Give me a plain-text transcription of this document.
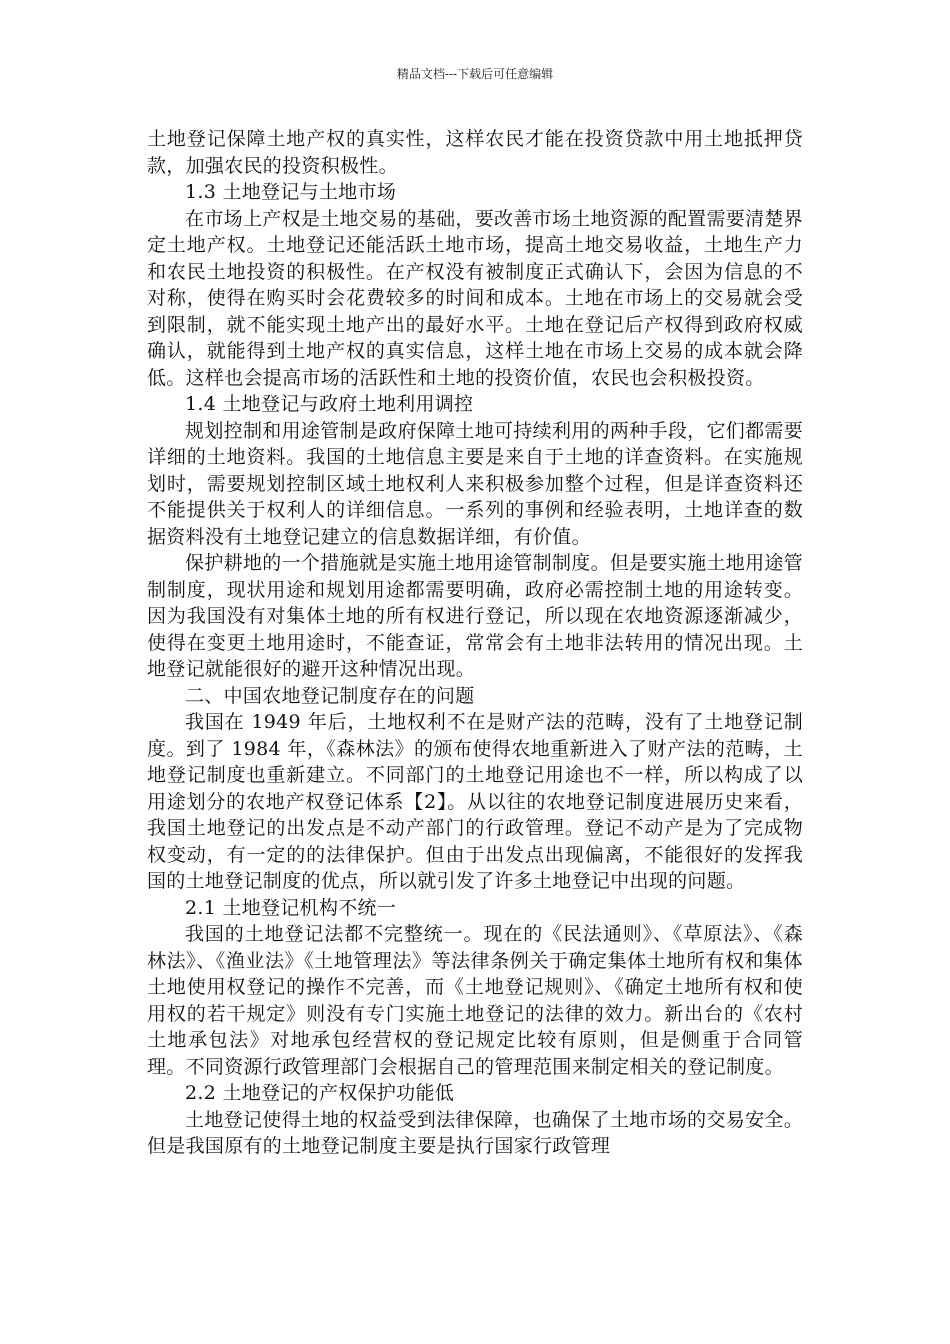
精品文档---下载后可任意编辑

土地登记保障土地产权的真实性，这样农民才能在投资贷款中用土地抵押贷款，加强农民的投资积极性。

1.3 土地登记与土地市场

在市场上产权是土地交易的基础，要改善市场土地资源的配置需要清楚界定土地产权。土地登记还能活跃土地市场，提高土地交易收益，土地生产力和农民土地投资的积极性。在产权没有被制度正式确认下，会因为信息的不对称，使得在购买时会花费较多的时间和成本。土地在市场上的交易就会受到限制，就不能实现土地产出的最好水平。土地在登记后产权得到政府权威确认，就能得到土地产权的真实信息，这样土地在市场上交易的成本就会降低。这样也会提高市场的活跃性和土地的投资价值，农民也会积极投资。

1.4 土地登记与政府土地利用调控

规划控制和用途管制是政府保障土地可持续利用的两种手段，它们都需要详细的土地资料。我国的土地信息主要是来自于土地的详查资料。在实施规划时，需要规划控制区域土地权利人来积极参加整个过程，但是详查资料还不能提供关于权利人的详细信息。一系列的事例和经验表明，土地详查的数据资料没有土地登记建立的信息数据详细，有价值。

保护耕地的一个措施就是实施土地用途管制制度。但是要实施土地用途管制制度，现状用途和规划用途都需要明确，政府必需控制土地的用途转变。因为我国没有对集体土地的所有权进行登记，所以现在农地资源逐渐减少，使得在变更土地用途时，不能查证，常常会有土地非法转用的情况出现。土地登记就能很好的避开这种情况出现。

二、中国农地登记制度存在的问题

我国在 1949 年后，土地权利不在是财产法的范畴，没有了土地登记制度。到了 1984 年，《森林法》的颁布使得农地重新进入了财产法的范畴，土地登记制度也重新建立。不同部门的土地登记用途也不一样，所以构成了以用途划分的农地产权登记体系【2】。从以往的农地登记制度进展历史来看，我国土地登记的出发点是不动产部门的行政管理。登记不动产是为了完成物权变动，有一定的的法律保护。但由于出发点出现偏离，不能很好的发挥我国的土地登记制度的优点，所以就引发了许多土地登记中出现的问题。

2.1 土地登记机构不统一

我国的土地登记法都不完整统一。现在的《民法通则》、《草原法》、《森林法》、《渔业法》《土地管理法》等法律条例关于确定集体土地所有权和集体土地使用权登记的操作不完善，而《土地登记规则》、《确定土地所有权和使用权的若干规定》则没有专门实施土地登记的法律的效力。新出台的《农村土地承包法》对地承包经营权的登记规定比较有原则，但是侧重于合同管理。不同资源行政管理部门会根据自己的管理范围来制定相关的登记制度。

2.2 土地登记的产权保护功能低

土地登记使得土地的权益受到法律保障，也确保了土地市场的交易安全。但是我国原有的土地登记制度主要是执行国家行政管理
